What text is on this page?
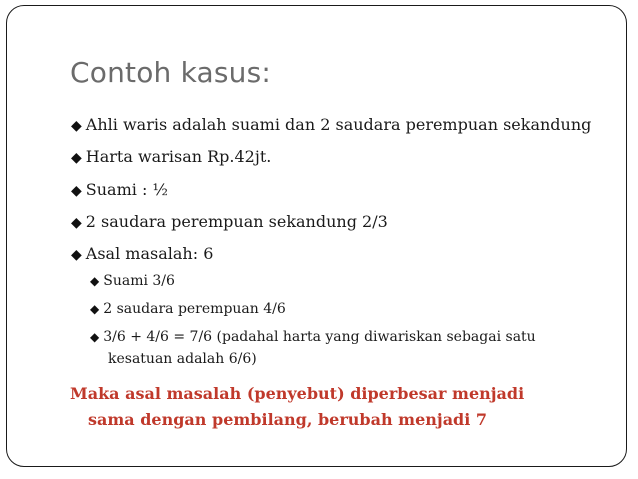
Contoh kasus:
◆ Ahli waris adalah suami dan 2 saudara perempuan sekandung
◆ Harta warisan Rp.42jt.
◆ Suami : ½
◆ 2 saudara perempuan sekandung 2/3
◆ Asal masalah: 6
◆ Suami 3/6
◆ 2 saudara perempuan 4/6
◆ 3/6 + 4/6 = 7/6 (padahal harta yang diwariskan sebagai satu
kesatuan adalah 6/6)
Maka asal masalah (penyebut) diperbesar menjadi
sama dengan pembilang, berubah menjadi 7
